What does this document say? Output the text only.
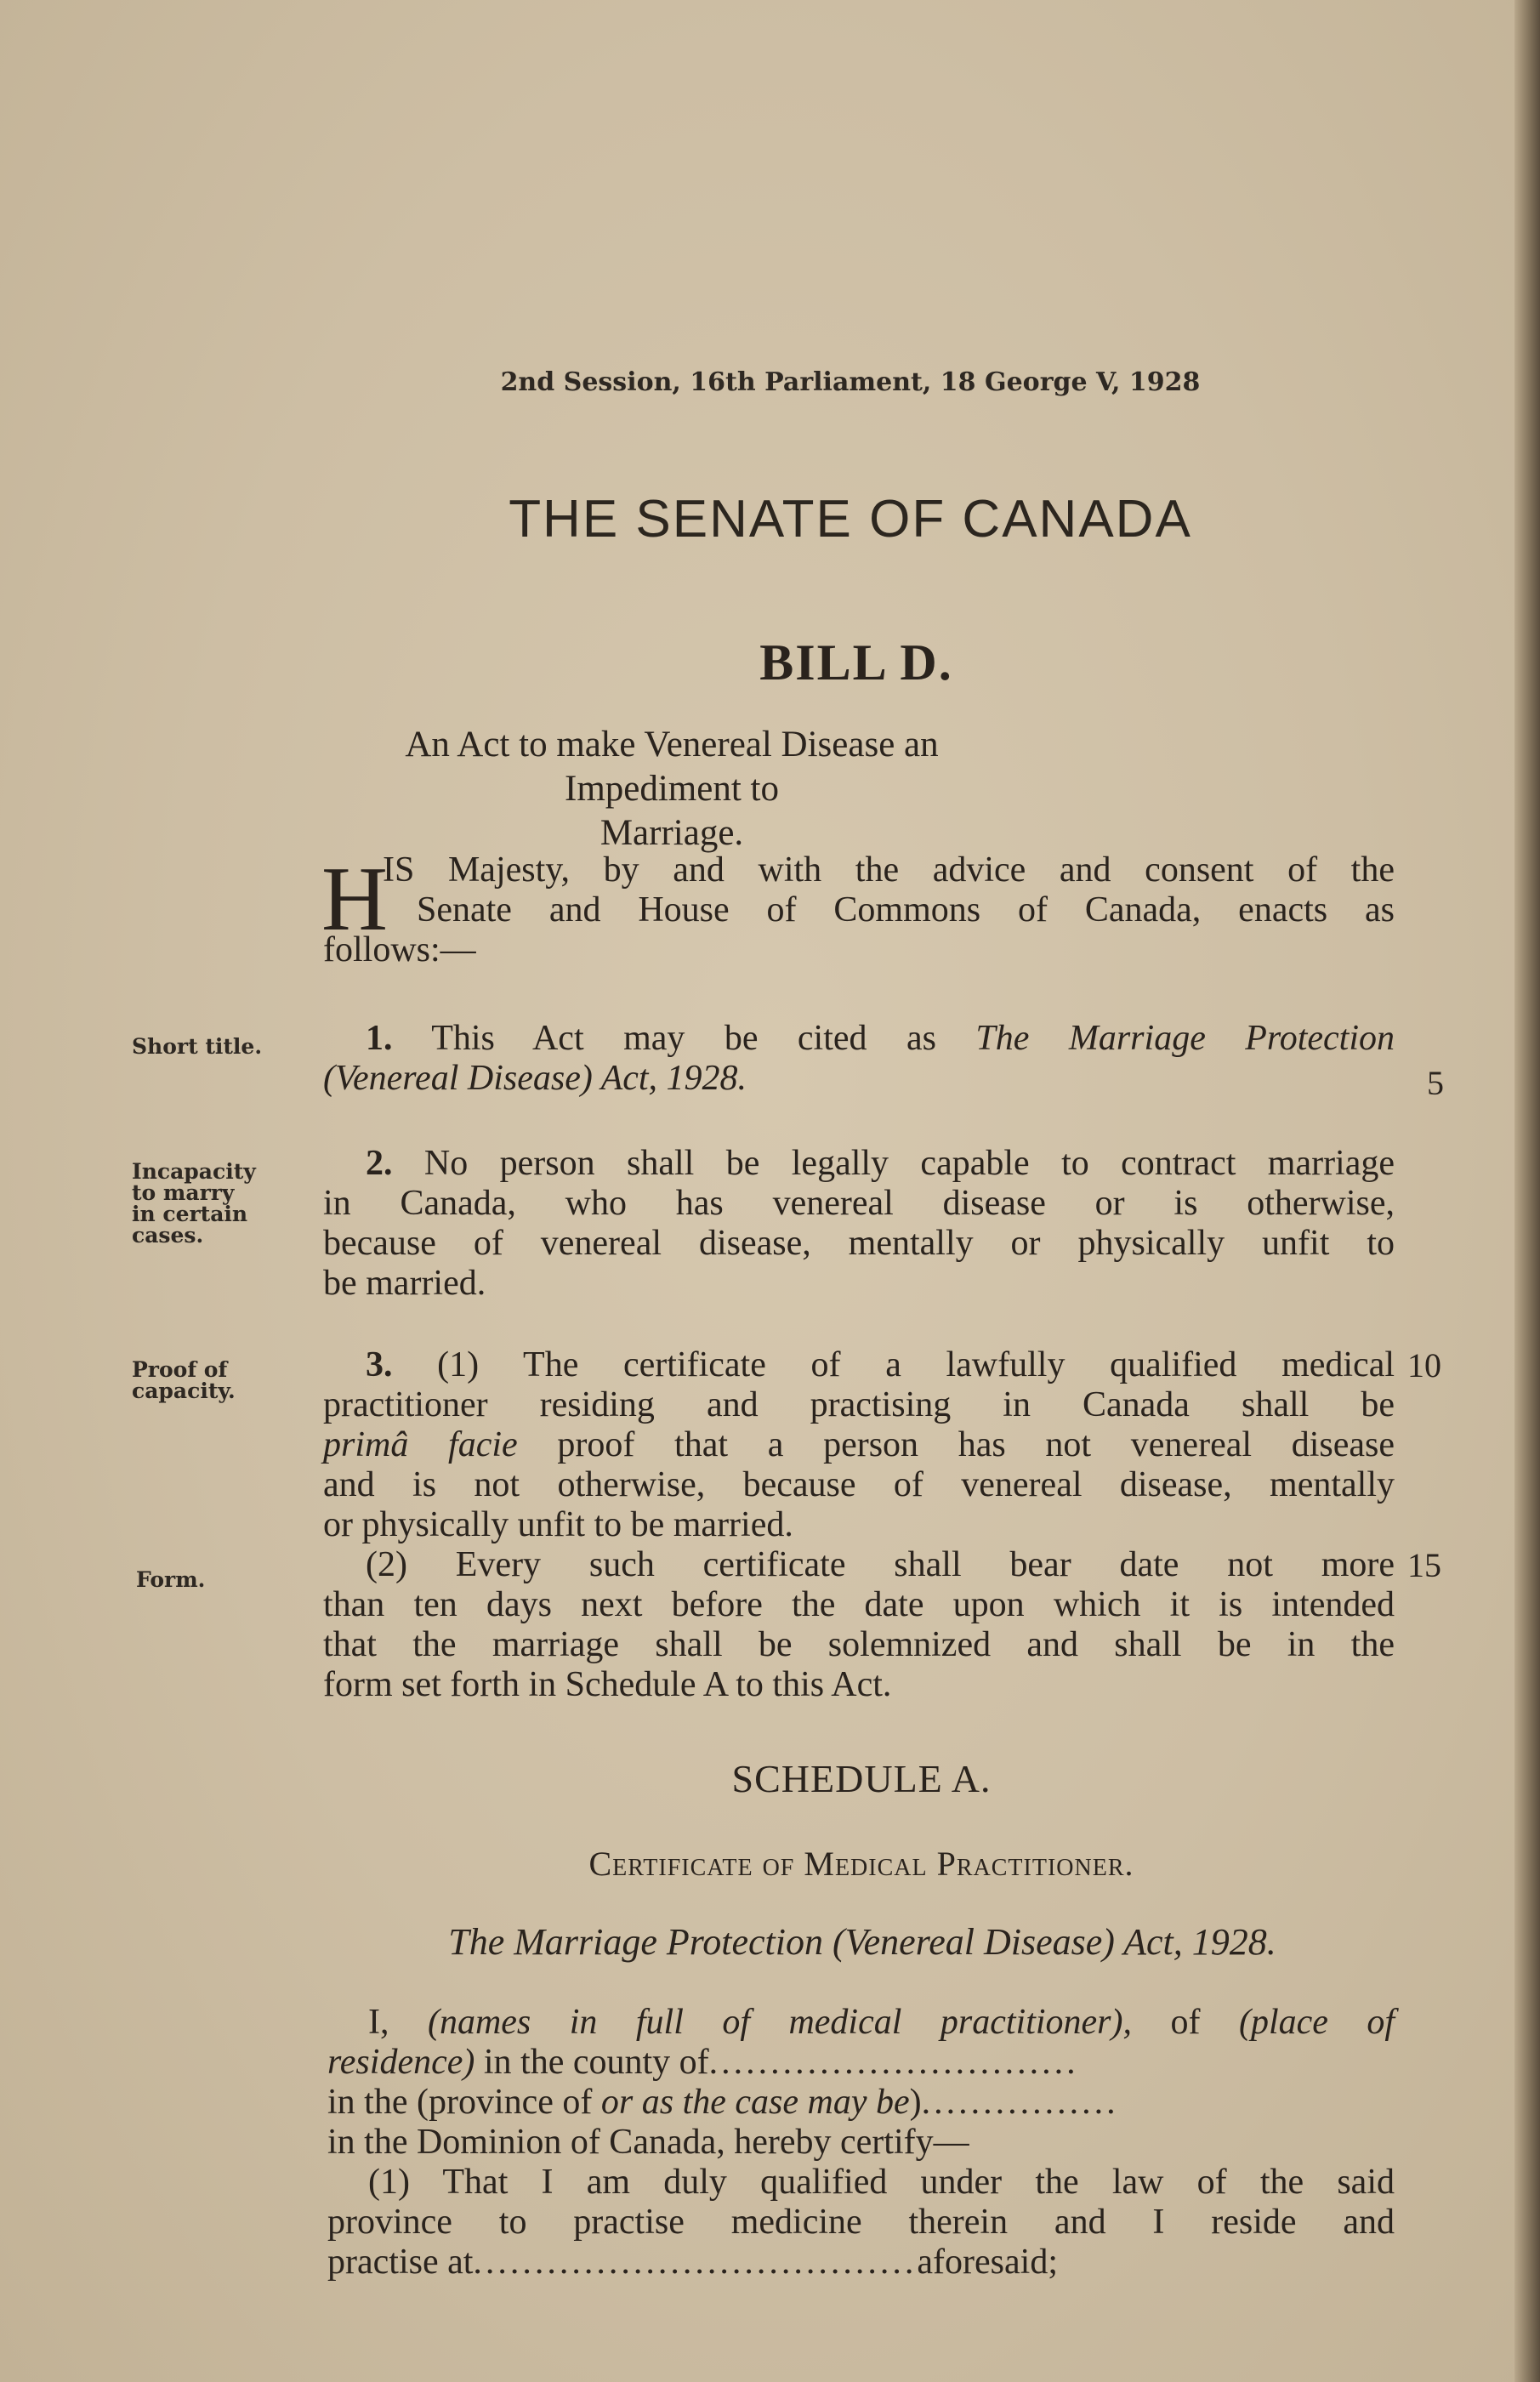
2nd Session, 16th Parliament, 18 George V, 1928

THE SENATE OF CANADA

BILL D.

An Act to make Venereal Disease an Impediment to
Marriage.
H
IS Majesty, by and with the advice and consent of the
Senate and House of Commons of Canada, enacts as
follows:—

Short title.	1. This Act may be cited as The Marriage Protection
(Venereal Disease) Act, 1928.	5

Incapacity
to marry
in certain
cases.
2. No person shall be legally capable to contract marriage
in Canada, who has venereal disease or is otherwise,
because of venereal disease, mentally or physically unfit to
be married.
Proof of
capacity.
3. (1) The certificate of a lawfully qualified medical
practitioner residing and practising in Canada shall be
primâ facie proof that a person has not venereal disease
and is not otherwise, because of venereal disease, mentally
or physically unfit to be married.
(2) Every such certificate shall bear date not more
than ten days next before the date upon which it is intended
that the marriage shall be solemnized and shall be in the
form set forth in Schedule A to this Act.

10

Form.	15

SCHEDULE A.

Certificate of Medical Practitioner.

The Marriage Protection (Venereal Disease) Act, 1928.

I, (names in full of medical practitioner), of (place of
residence) in the county of..............................
in the (province of or as the case may be)................
in the Dominion of Canada, hereby certify—
(1) That I am duly qualified under the law of the said
province to practise medicine therein and I reside and
practise at....................................aforesaid;
